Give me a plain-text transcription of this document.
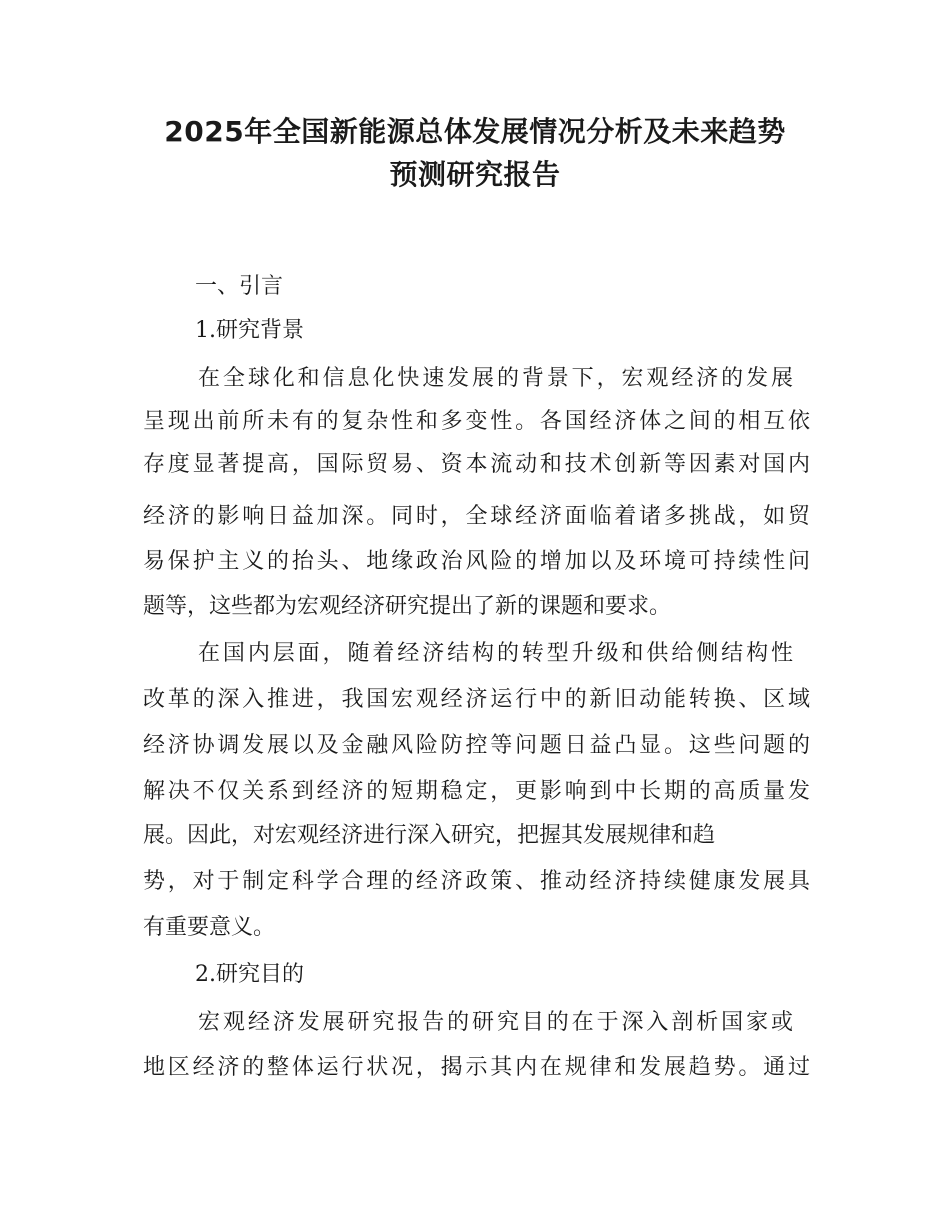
2025年全国新能源总体发展情况分析及未来趋势
预测研究报告
一、引言
1.研究背景
在全球化和信息化快速发展的背景下，宏观经济的发展
呈现出前所未有的复杂性和多变性。各国经济体之间的相互依
存度显著提高，国际贸易、资本流动和技术创新等因素对国内
经济的影响日益加深。同时，全球经济面临着诸多挑战，如贸
易保护主义的抬头、地缘政治风险的增加以及环境可持续性问
题等，这些都为宏观经济研究提出了新的课题和要求。
在国内层面，随着经济结构的转型升级和供给侧结构性
改革的深入推进，我国宏观经济运行中的新旧动能转换、区域
经济协调发展以及金融风险防控等问题日益凸显。这些问题的
解决不仅关系到经济的短期稳定，更影响到中长期的高质量发
展。因此，对宏观经济进行深入研究，把握其发展规律和趋
势，对于制定科学合理的经济政策、推动经济持续健康发展具
有重要意义。
2.研究目的
宏观经济发展研究报告的研究目的在于深入剖析国家或
地区经济的整体运行状况，揭示其内在规律和发展趋势。通过
